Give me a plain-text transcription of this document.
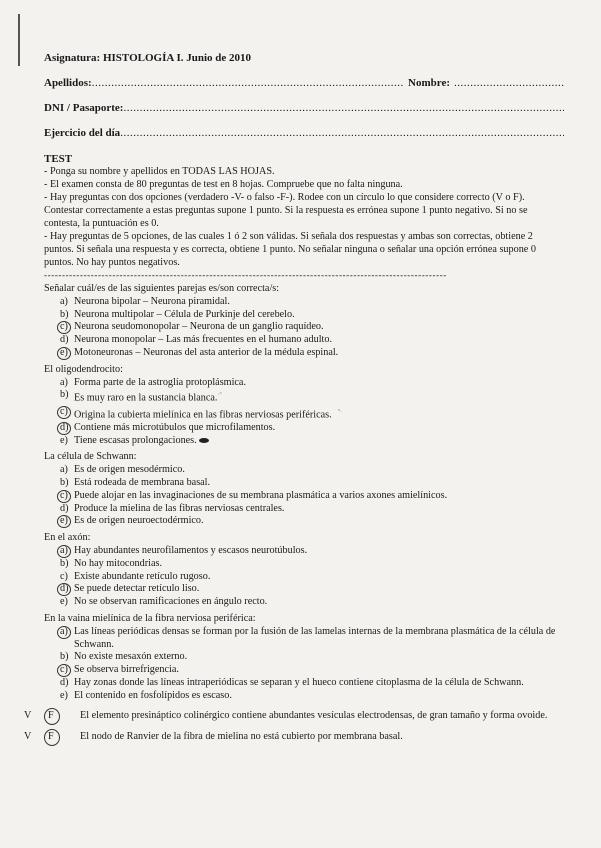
Asignatura: HISTOLOGÍA I. Junio de 2010
Apellidos:
.....	Nombre:
.....
DNI / Pasaporte:
.....
Ejercicio del día
.....
TEST
- Ponga su nombre y apellidos en TODAS LAS HOJAS.
- El examen consta de 80 preguntas de test en 8 hojas. Compruebe que no falta ninguna.
- Hay preguntas con dos opciones (verdadero -V- o falso -F-). Rodee con un círculo lo que considere correcto (V o F). Contestar correctamente a estas preguntas supone 1 punto. Si la respuesta es errónea supone 1 punto negativo. Si no se contesta, la puntuación es 0.
- Hay preguntas de 5 opciones, de las cuales 1 ó 2 son válidas. Si señala dos respuestas y ambas son correctas, obtiene 2 puntos. Si señala una respuesta y es correcta, obtiene 1 punto. No señalar ninguna o señalar una opción errónea supone 0 puntos. No hay puntos negativos.
----------------------------------------------------------------------------------------------------------------
Señalar cuál/es de las siguientes parejas es/son correcta/s:
a) Neurona bipolar – Neurona piramidal.
b) Neurona multipolar – Célula de Purkinje del cerebelo.
c) Neurona seudomonopolar – Neurona de un ganglio raquídeo.
d) Neurona monopolar – Las más frecuentes en el humano adulto.
e) Motoneuronas – Neuronas del asta anterior de la médula espinal.
El oligodendrocito:
a) Forma parte de la astroglía protoplásmica.
b) Es muy raro en la sustancia blanca.·°
c) Origina la cubierta mielínica en las fibras nerviosas periféricas. °·
d) Contiene más microtúbulos que microfilamentos.
e) Tiene escasas prolongaciones.
La célula de Schwann:
a) Es de origen mesodérmico.
b) Está rodeada de membrana basal.
c) Puede alojar en las invaginaciones de su membrana plasmática a varios axones amielínicos.
d) Produce la mielina de las fibras nerviosas centrales.
e) Es de origen neuroectodérmico.
En el axón:
a) Hay abundantes neurofilamentos y escasos neurotúbulos.
b) No hay mitocondrias.
c) Existe abundante retículo rugoso.
d) Se puede detectar retículo liso.
e) No se observan ramificaciones en ángulo recto.
En la vaina mielínica de la fibra nerviosa periférica:
a) Las líneas periódicas densas se forman por la fusión de las lamelas internas de la membrana plasmática de la célula de Schwann.
b) No existe mesaxón externo.
c) Se observa birrefrigencia.
d) Hay zonas donde las líneas intraperiódicas se separan y el hueco contiene citoplasma de la célula de Schwann.
e) El contenido en fosfolípidos es escaso.
V	F	El elemento presináptico colinérgico contiene abundantes vesículas electrodensas, de gran tamaño y forma ovoide.
V	F	El nodo de Ranvier de la fibra de mielina no está cubierto por membrana basal.
